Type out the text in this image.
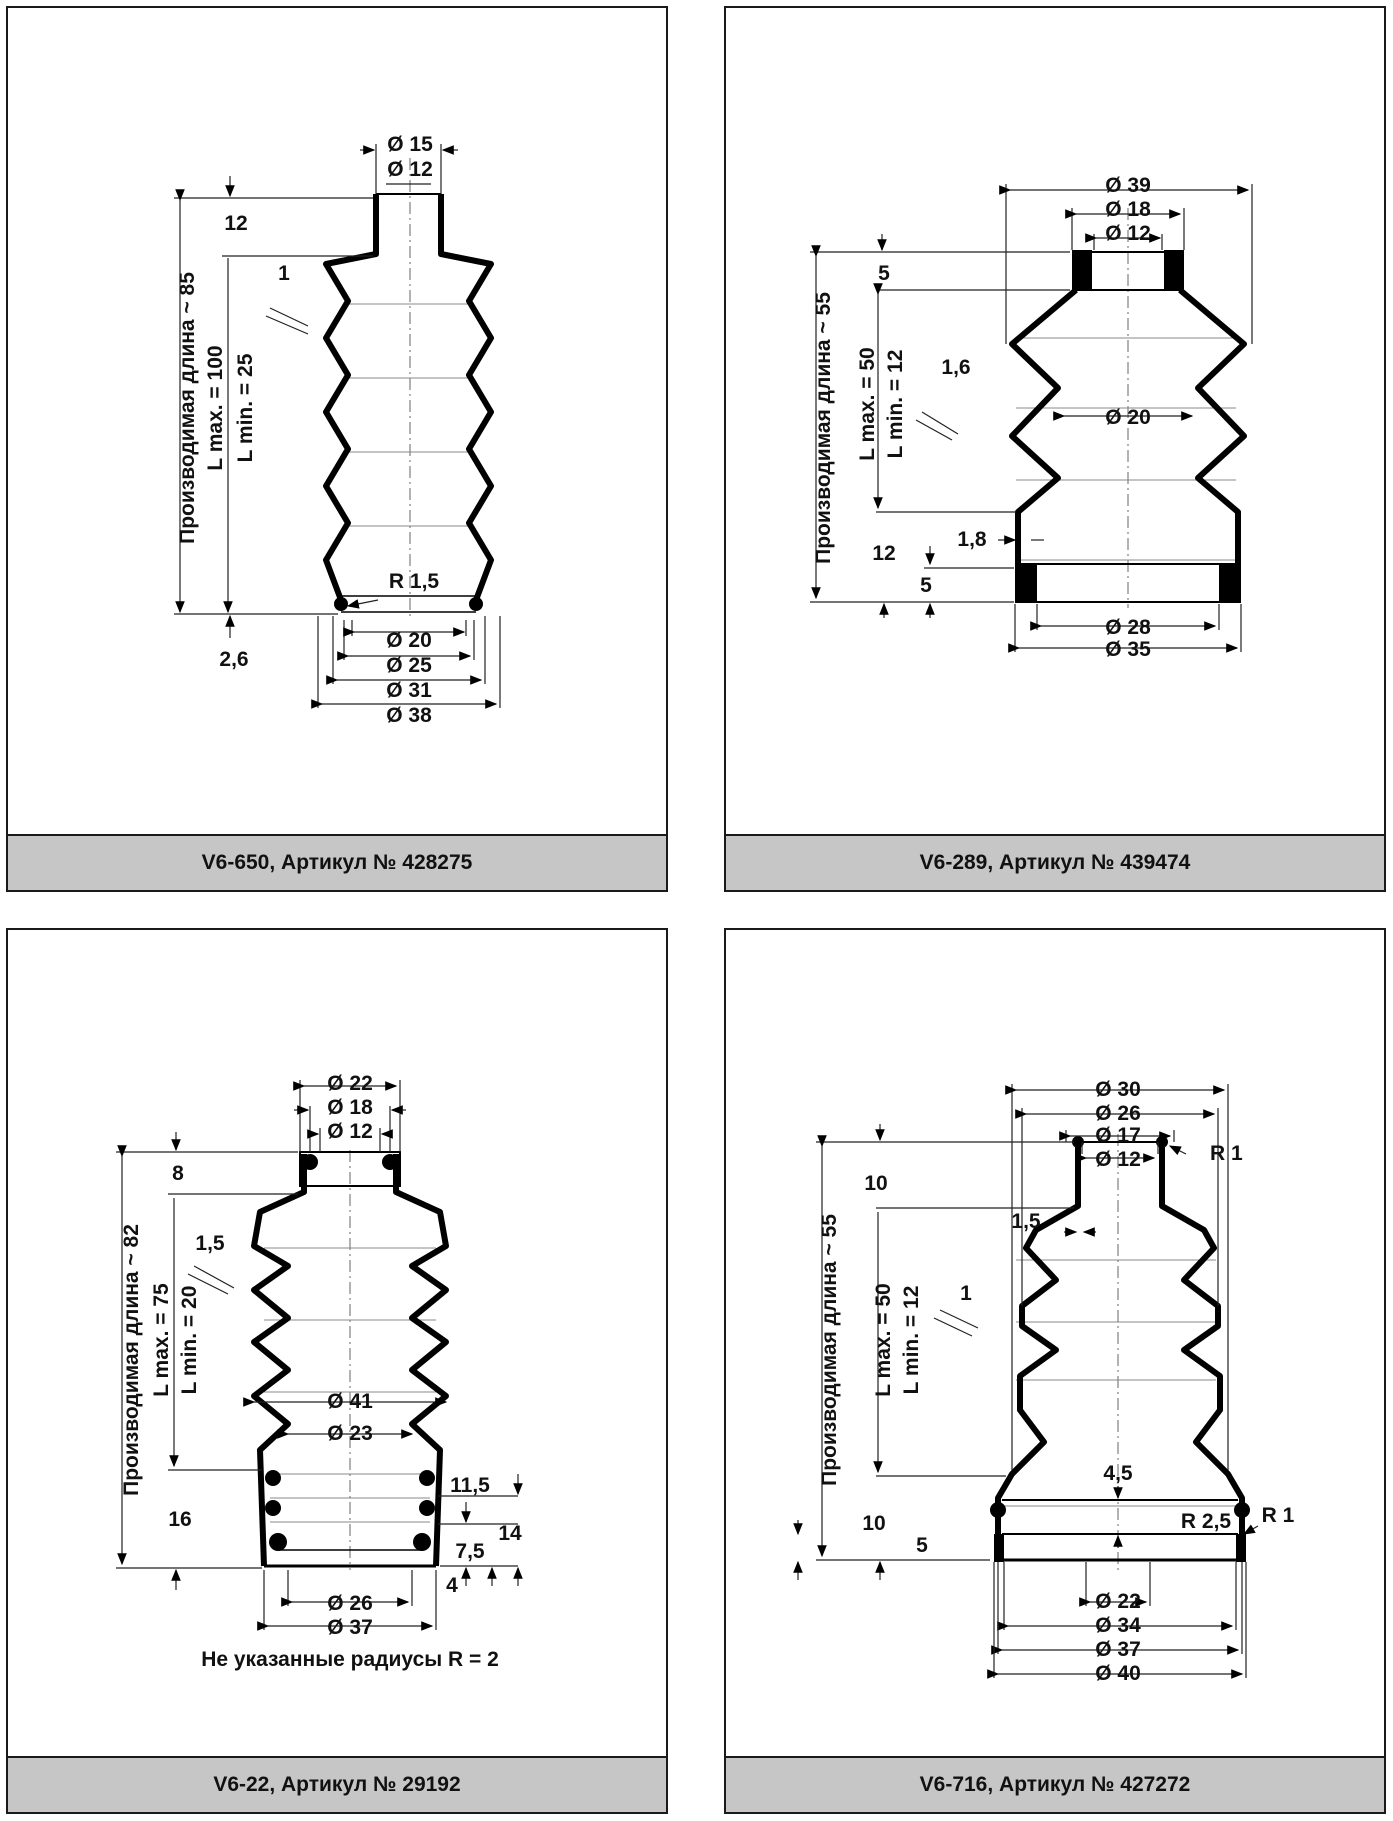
Ø 15
Ø 12
12
1
Производимая длина ~ 85 L max. = 100 L min. = 25
R 1,5
2,6
Ø 20
Ø 25
Ø 31
Ø 38
V6-650, Артикул № 428275
Ø 39
Ø 18
Ø 12
5
Производимая длина ~ 55 L max. = 50 L min. = 12 1,6
Ø 20
1,8
12
5
Ø 28
Ø 35
V6-289, Артикул № 439474
Ø 22
Ø 18
Ø 12
8
1,5
Производимая длина ~ 82 L max. = 75 L min. = 20
Ø 41
Ø 23
16
11,5
14
7,5
4
Ø 26
Ø 37
Не указанные радиусы R = 2
V6-22, Артикул № 29192
Ø 30
Ø 26
Ø 17
Ø 12	R 1
10
1,5
1
Производимая длина ~ 55 L max. = 50 L min. = 12
4,5
R 1
R 2,5
10
5
Ø 22
Ø 34
Ø 37
Ø 40
V6-716, Артикул № 427272
